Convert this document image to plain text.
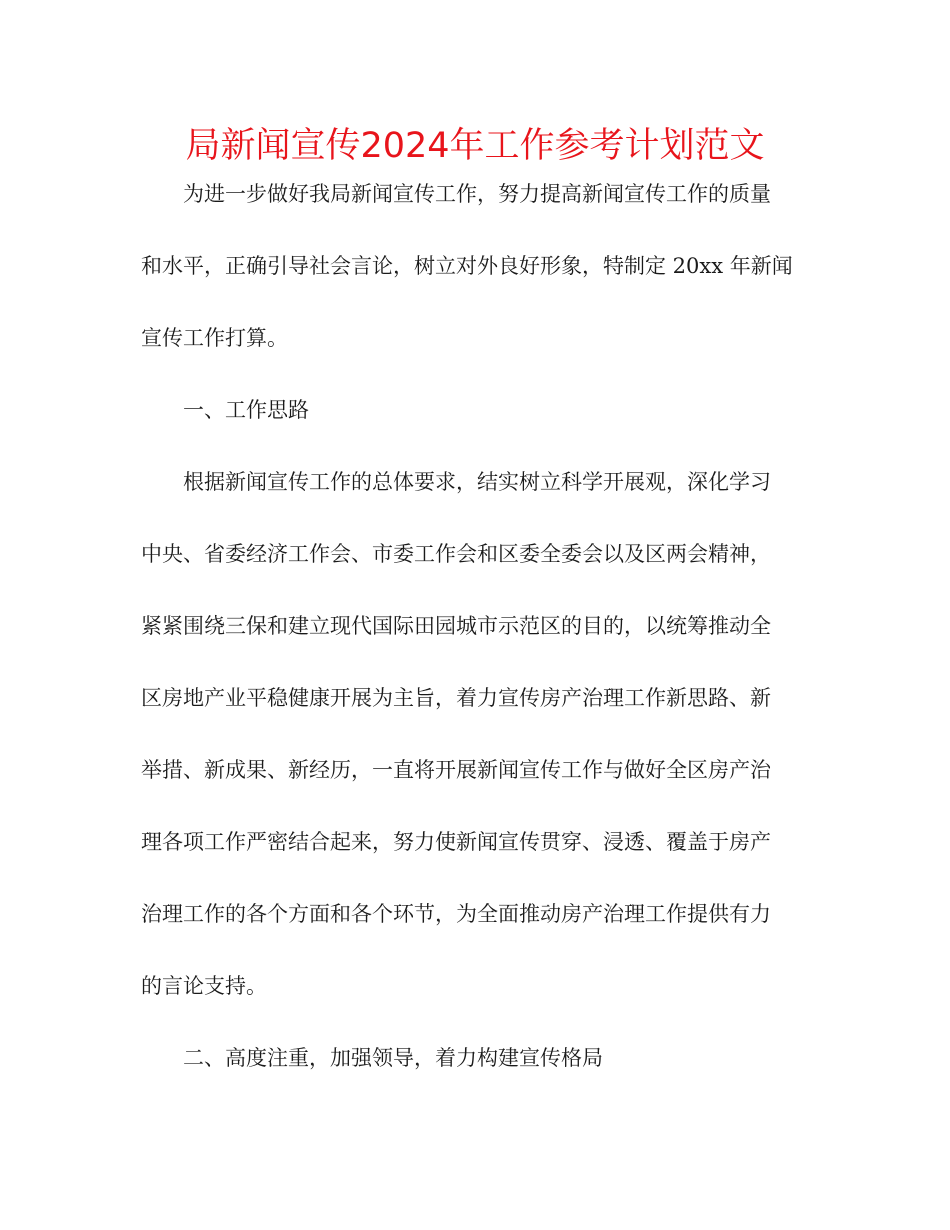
局新闻宣传2024年工作参考计划范文
为进一步做好我局新闻宣传工作，努力提高新闻宣传工作的质量
和水平，正确引导社会言论，树立对外良好形象，特制定 20xx 年新闻
宣传工作打算。
一、工作思路
根据新闻宣传工作的总体要求，结实树立科学开展观，深化学习
中央、省委经济工作会、市委工作会和区委全委会以及区两会精神，
紧紧围绕三保和建立现代国际田园城市示范区的目的，以统筹推动全
区房地产业平稳健康开展为主旨，着力宣传房产治理工作新思路、新
举措、新成果、新经历，一直将开展新闻宣传工作与做好全区房产治
理各项工作严密结合起来，努力使新闻宣传贯穿、浸透、覆盖于房产
治理工作的各个方面和各个环节，为全面推动房产治理工作提供有力
的言论支持。
二、高度注重，加强领导，着力构建宣传格局
